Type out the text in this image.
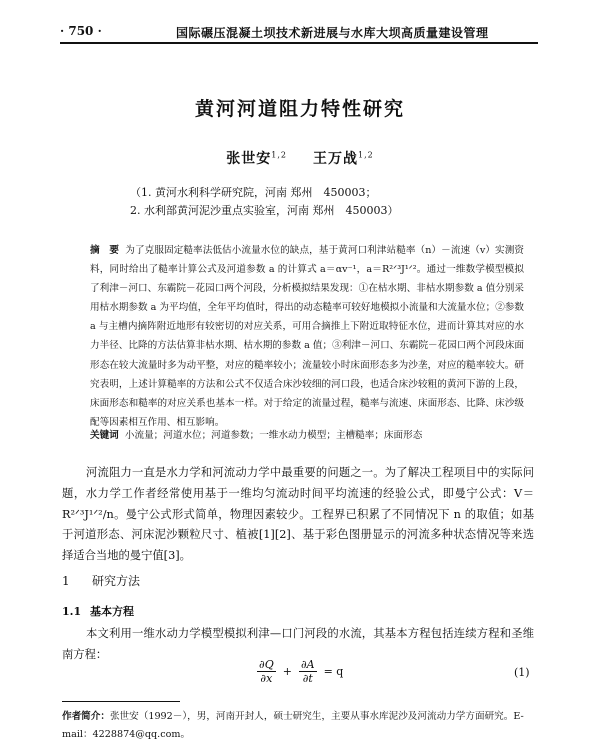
· 750 ·	国际碾压混凝土坝技术新进展与水库大坝高质量建设管理
黄河河道阻力特性研究
张世安$^{1,2}$ 王万战$^{1,2}$
（1. 黄河水利科学研究院，河南 郑州　450003；
2. 水利部黄河泥沙重点实验室，河南 郑州　450003）
摘　要 为了克服固定糙率法低估小流量水位的缺点，基于黄河口利津站糙率（n）－流速（v）实测资料，同时给出了糙率计算公式及河道参数 a 的计算式 a＝αv⁻¹，a＝R²ᐟ³J¹ᐟ²。通过一维数学模型模拟了利津－河口、东霸院－花园口两个河段，分析模拟结果发现：①在枯水期、非枯水期参数 a 值分别采用枯水期参数 a 为平均值，全年平均值时，得出的动态糙率可较好地模拟小流量和大流量水位；②参数 a 与主槽内摘阵附近地形有较密切的对应关系，可用合摘推上下附近取特征水位，进而计算其对应的水力半径、比降的方法估算非枯水期、枯水期的参数 a 值；③利津－河口、东霸院－花园口两个河段床面形态在较大流量时多为动平整，对应的糙率较小；流量较小时床面形态多为沙垄，对应的糙率较大。研究表明，上述计算糙率的方法和公式不仅适合床沙较细的河口段，也适合床沙较粗的黄河下游的上段，床面形态和糙率的对应关系也基本一样。对于给定的流量过程，糙率与流速、床面形态、比降、床沙级配等因素相互作用、相互影响。
关键词 小流量；河道水位；河道参数；一维水动力模型；主槽糙率；床面形态
河流阻力一直是水力学和河流动力学中最重要的问题之一。为了解决工程项目中的实际问题，水力学工作者经常使用基于一维均匀流动时间平均流速的经验公式，即曼宁公式：V＝R²ᐟ³J¹ᐟ²/n。曼宁公式形式简单，物理因素较少。工程界已积累了不同情况下 n 的取值；如基于河道形态、河床泥沙颗粒尺寸、植被[1][2]、基于彩色图册显示的河流多种状态情况等来选择适合当地的曼宁值[3]。
1 研究方法
1.1 基本方程
本文利用一维水动力学模型模拟利津—口门河段的水流，其基本方程包括连续方程和圣维南方程：
$\frac{\partial Q}{\partial x} + \frac{\partial A}{\partial t} = q$	(1)
作者简介：张世安（1992－），男，河南开封人，硕士研究生，主要从事水库泥沙及河流动力学方面研究。E-mail：4228874@qq.com。
